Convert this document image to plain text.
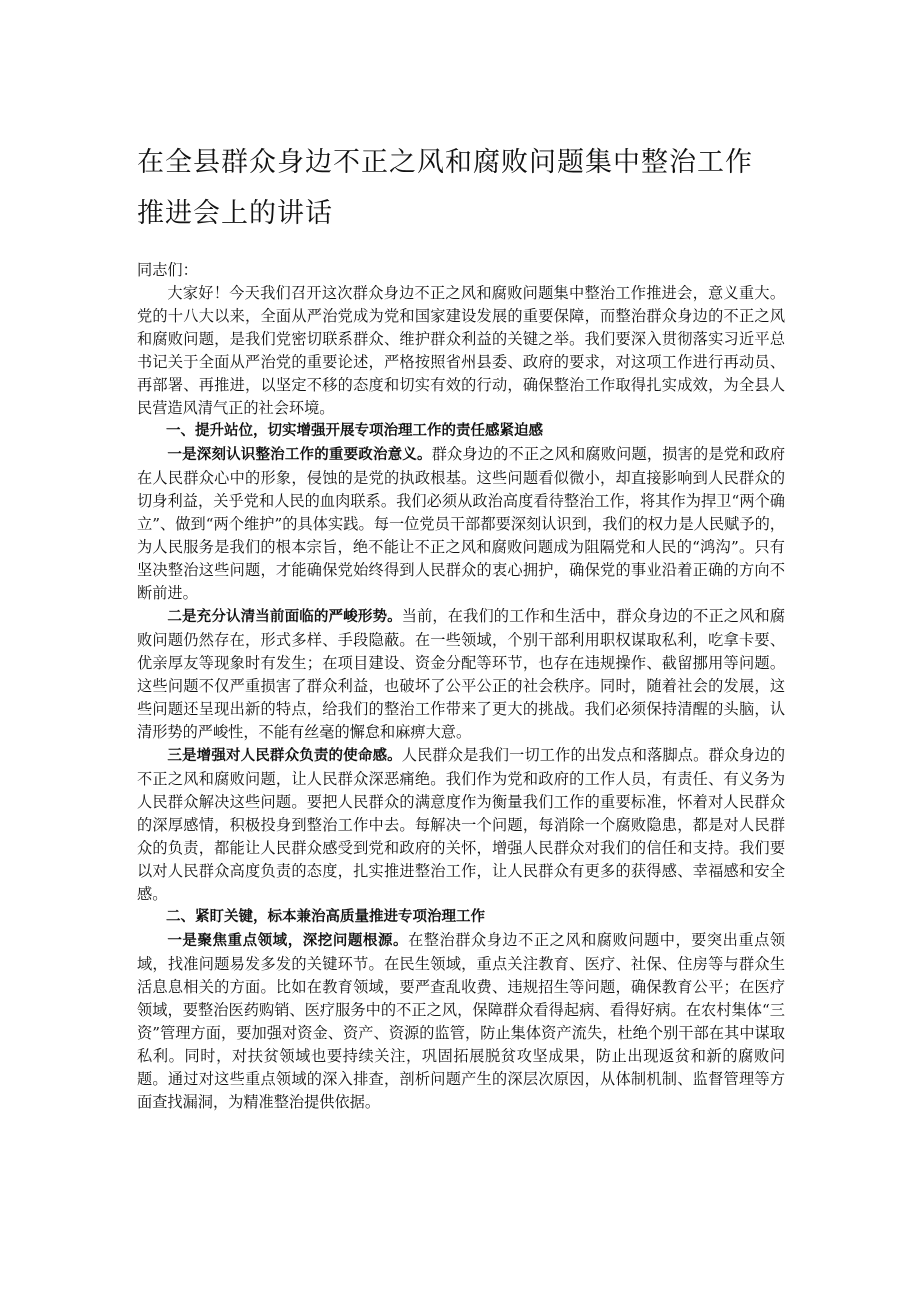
在全县群众身边不正之风和腐败问题集中整治工作
推进会上的讲话

同志们：

大家好！今天我们召开这次群众身边不正之风和腐败问题集中整治工作推进会，意义重大。党的十八大以来，全面从严治党成为党和国家建设发展的重要保障，而整治群众身边的不正之风和腐败问题，是我们党密切联系群众、维护群众利益的关键之举。我们要深入贯彻落实习近平总书记关于全面从严治党的重要论述，严格按照省州县委、政府的要求，对这项工作进行再动员、再部署、再推进，以坚定不移的态度和切实有效的行动，确保整治工作取得扎实成效，为全县人民营造风清气正的社会环境。

一、提升站位，切实增强开展专项治理工作的责任感紧迫感

一是深刻认识整治工作的重要政治意义。群众身边的不正之风和腐败问题，损害的是党和政府在人民群众心中的形象，侵蚀的是党的执政根基。这些问题看似微小，却直接影响到人民群众的切身利益，关乎党和人民的血肉联系。我们必须从政治高度看待整治工作，将其作为捍卫“两个确立”、做到“两个维护”的具体实践。每一位党员干部都要深刻认识到，我们的权力是人民赋予的，为人民服务是我们的根本宗旨，绝不能让不正之风和腐败问题成为阻隔党和人民的“鸿沟”。只有坚决整治这些问题，才能确保党始终得到人民群众的衷心拥护，确保党的事业沿着正确的方向不断前进。

二是充分认清当前面临的严峻形势。当前，在我们的工作和生活中，群众身边的不正之风和腐败问题仍然存在，形式多样、手段隐蔽。在一些领域，个别干部利用职权谋取私利，吃拿卡要、优亲厚友等现象时有发生；在项目建设、资金分配等环节，也存在违规操作、截留挪用等问题。这些问题不仅严重损害了群众利益，也破坏了公平公正的社会秩序。同时，随着社会的发展，这些问题还呈现出新的特点，给我们的整治工作带来了更大的挑战。我们必须保持清醒的头脑，认清形势的严峻性，不能有丝毫的懈怠和麻痹大意。

三是增强对人民群众负责的使命感。人民群众是我们一切工作的出发点和落脚点。群众身边的不正之风和腐败问题，让人民群众深恶痛绝。我们作为党和政府的工作人员，有责任、有义务为人民群众解决这些问题。要把人民群众的满意度作为衡量我们工作的重要标准，怀着对人民群众的深厚感情，积极投身到整治工作中去。每解决一个问题，每消除一个腐败隐患，都是对人民群众的负责，都能让人民群众感受到党和政府的关怀，增强人民群众对我们的信任和支持。我们要以对人民群众高度负责的态度，扎实推进整治工作，让人民群众有更多的获得感、幸福感和安全感。

二、紧盯关键，标本兼治高质量推进专项治理工作

一是聚焦重点领域，深挖问题根源。在整治群众身边不正之风和腐败问题中，要突出重点领域，找准问题易发多发的关键环节。在民生领域，重点关注教育、医疗、社保、住房等与群众生活息息相关的方面。比如在教育领域，要严查乱收费、违规招生等问题，确保教育公平；在医疗领域，要整治医药购销、医疗服务中的不正之风，保障群众看得起病、看得好病。在农村集体“三资”管理方面，要加强对资金、资产、资源的监管，防止集体资产流失，杜绝个别干部在其中谋取私利。同时，对扶贫领域也要持续关注，巩固拓展脱贫攻坚成果，防止出现返贫和新的腐败问题。通过对这些重点领域的深入排查，剖析问题产生的深层次原因，从体制机制、监督管理等方面查找漏洞，为精准整治提供依据。
